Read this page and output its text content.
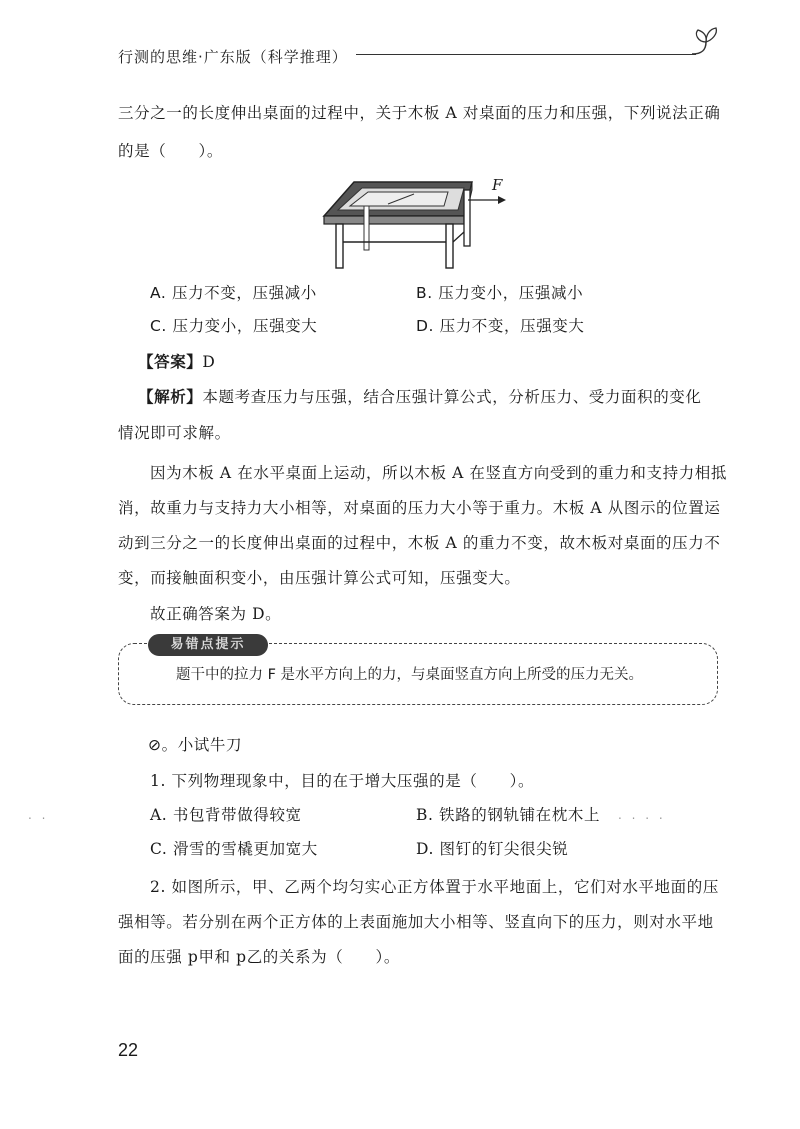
行测的思维·广东版（科学推理）
三分之一的长度伸出桌面的过程中，关于木板 A 对桌面的压力和压强，下列说法正确
的是（　　）。
F
A. 压力不变，压强减小	B. 压力变小，压强减小
C. 压力变小，压强变大	D. 压力不变，压强变大
【答案】D
【解析】本题考查压力与压强，结合压强计算公式，分析压力、受力面积的变化
情况即可求解。
因为木板 A 在水平桌面上运动，所以木板 A 在竖直方向受到的重力和支持力相抵
消，故重力与支持力大小相等，对桌面的压力大小等于重力。木板 A 从图示的位置运
动到三分之一的长度伸出桌面的过程中，木板 A 的重力不变，故木板对桌面的压力不
变，而接触面积变小，由压强计算公式可知，压强变大。
故正确答案为 D。
易错点提示
题干中的拉力 F 是水平方向上的力，与桌面竖直方向上所受的压力无关。
⊘。小试牛刀
1. 下列物理现象中，目的在于增大压强的是（　　）。
. .	A. 书包背带做得较宽	B. 铁路的钢轨铺在枕木上 . . . .
C. 滑雪的雪橇更加宽大	D. 图钉的钉尖很尖锐
2. 如图所示，甲、乙两个均匀实心正方体置于水平地面上，它们对水平地面的压
强相等。若分别在两个正方体的上表面施加大小相等、竖直向下的压力，则对水平地
面的压强 p甲和 p乙的关系为（　　）。
22
